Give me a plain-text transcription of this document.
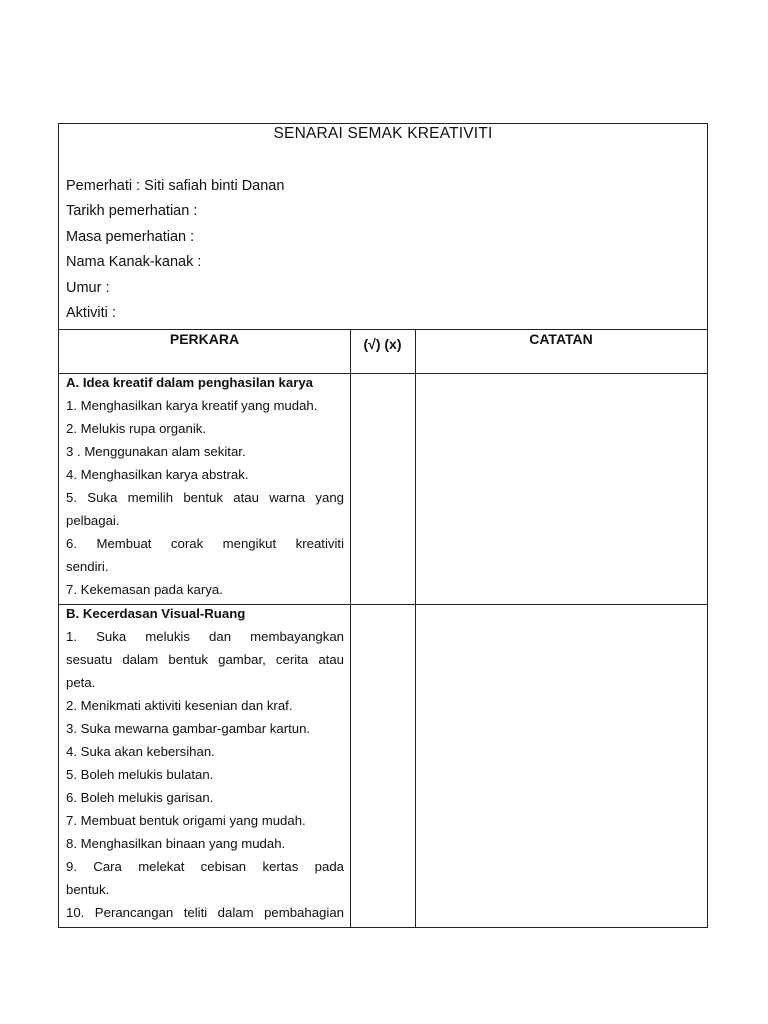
SENARAI SEMAK KREATIVITI
Pemerhati : Siti safiah binti Danan
Tarikh pemerhatian :
Masa pemerhatian :
Nama Kanak-kanak :
Umur :
Aktiviti :
PERKARA	(√) (x)	CATATAN
A. Idea kreatif dalam penghasilan karya
1. Menghasilkan karya kreatif yang mudah.
2. Melukis rupa organik.
3 . Menggunakan alam sekitar.
4. Menghasilkan karya abstrak.
5. Suka memilih bentuk atau warna yang
pelbagai.
6. Membuat corak mengikut kreativiti
sendiri.
7. Kekemasan pada karya.
B. Kecerdasan Visual-Ruang
1. Suka melukis dan membayangkan
sesuatu dalam bentuk gambar, cerita atau
peta.
2. Menikmati aktiviti kesenian dan kraf.
3. Suka mewarna gambar-gambar kartun.
4. Suka akan kebersihan.
5. Boleh melukis bulatan.
6. Boleh melukis garisan.
7. Membuat bentuk origami yang mudah.
8. Menghasilkan binaan yang mudah.
9. Cara melekat cebisan kertas pada
bentuk.
10. Perancangan teliti dalam pembahagian
